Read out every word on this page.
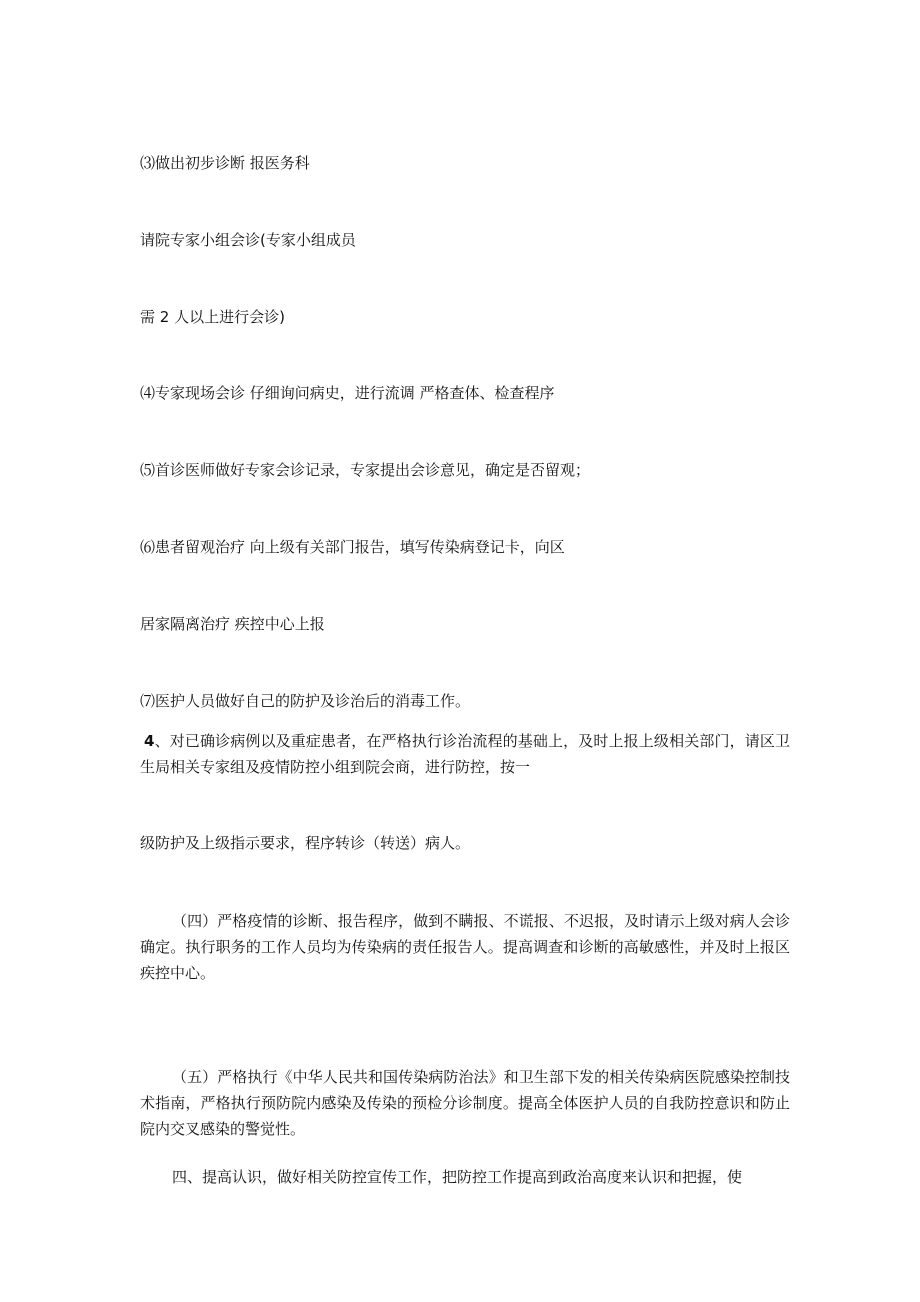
⑶做出初步诊断 报医务科
请院专家小组会诊(专家小组成员
需 2 人以上进行会诊)
⑷专家现场会诊 仔细询问病史，进行流调 严格查体、检查程序
⑸首诊医师做好专家会诊记录，专家提出会诊意见，确定是否留观；
⑹患者留观治疗 向上级有关部门报告，填写传染病登记卡，向区
居家隔离治疗 疾控中心上报
⑺医护人员做好自己的防护及诊治后的消毒工作。
4、对已确诊病例以及重症患者，在严格执行诊治流程的基础上，及时上报上级相关部门，请区卫生局相关专家组及疫情防控小组到院会商，进行防控，按一
级防护及上级指示要求，程序转诊（转送）病人。
（四）严格疫情的诊断、报告程序，做到不瞒报、不谎报、不迟报，及时请示上级对病人会诊确定。执行职务的工作人员均为传染病的责任报告人。提高调查和诊断的高敏感性，并及时上报区疾控中心。
（五）严格执行《中华人民共和国传染病防治法》和卫生部下发的相关传染病医院感染控制技术指南，严格执行预防院内感染及传染的预检分诊制度。提高全体医护人员的自我防控意识和防止院内交叉感染的警觉性。
四、提高认识，做好相关防控宣传工作，把防控工作提高到政治高度来认识和把握，使
